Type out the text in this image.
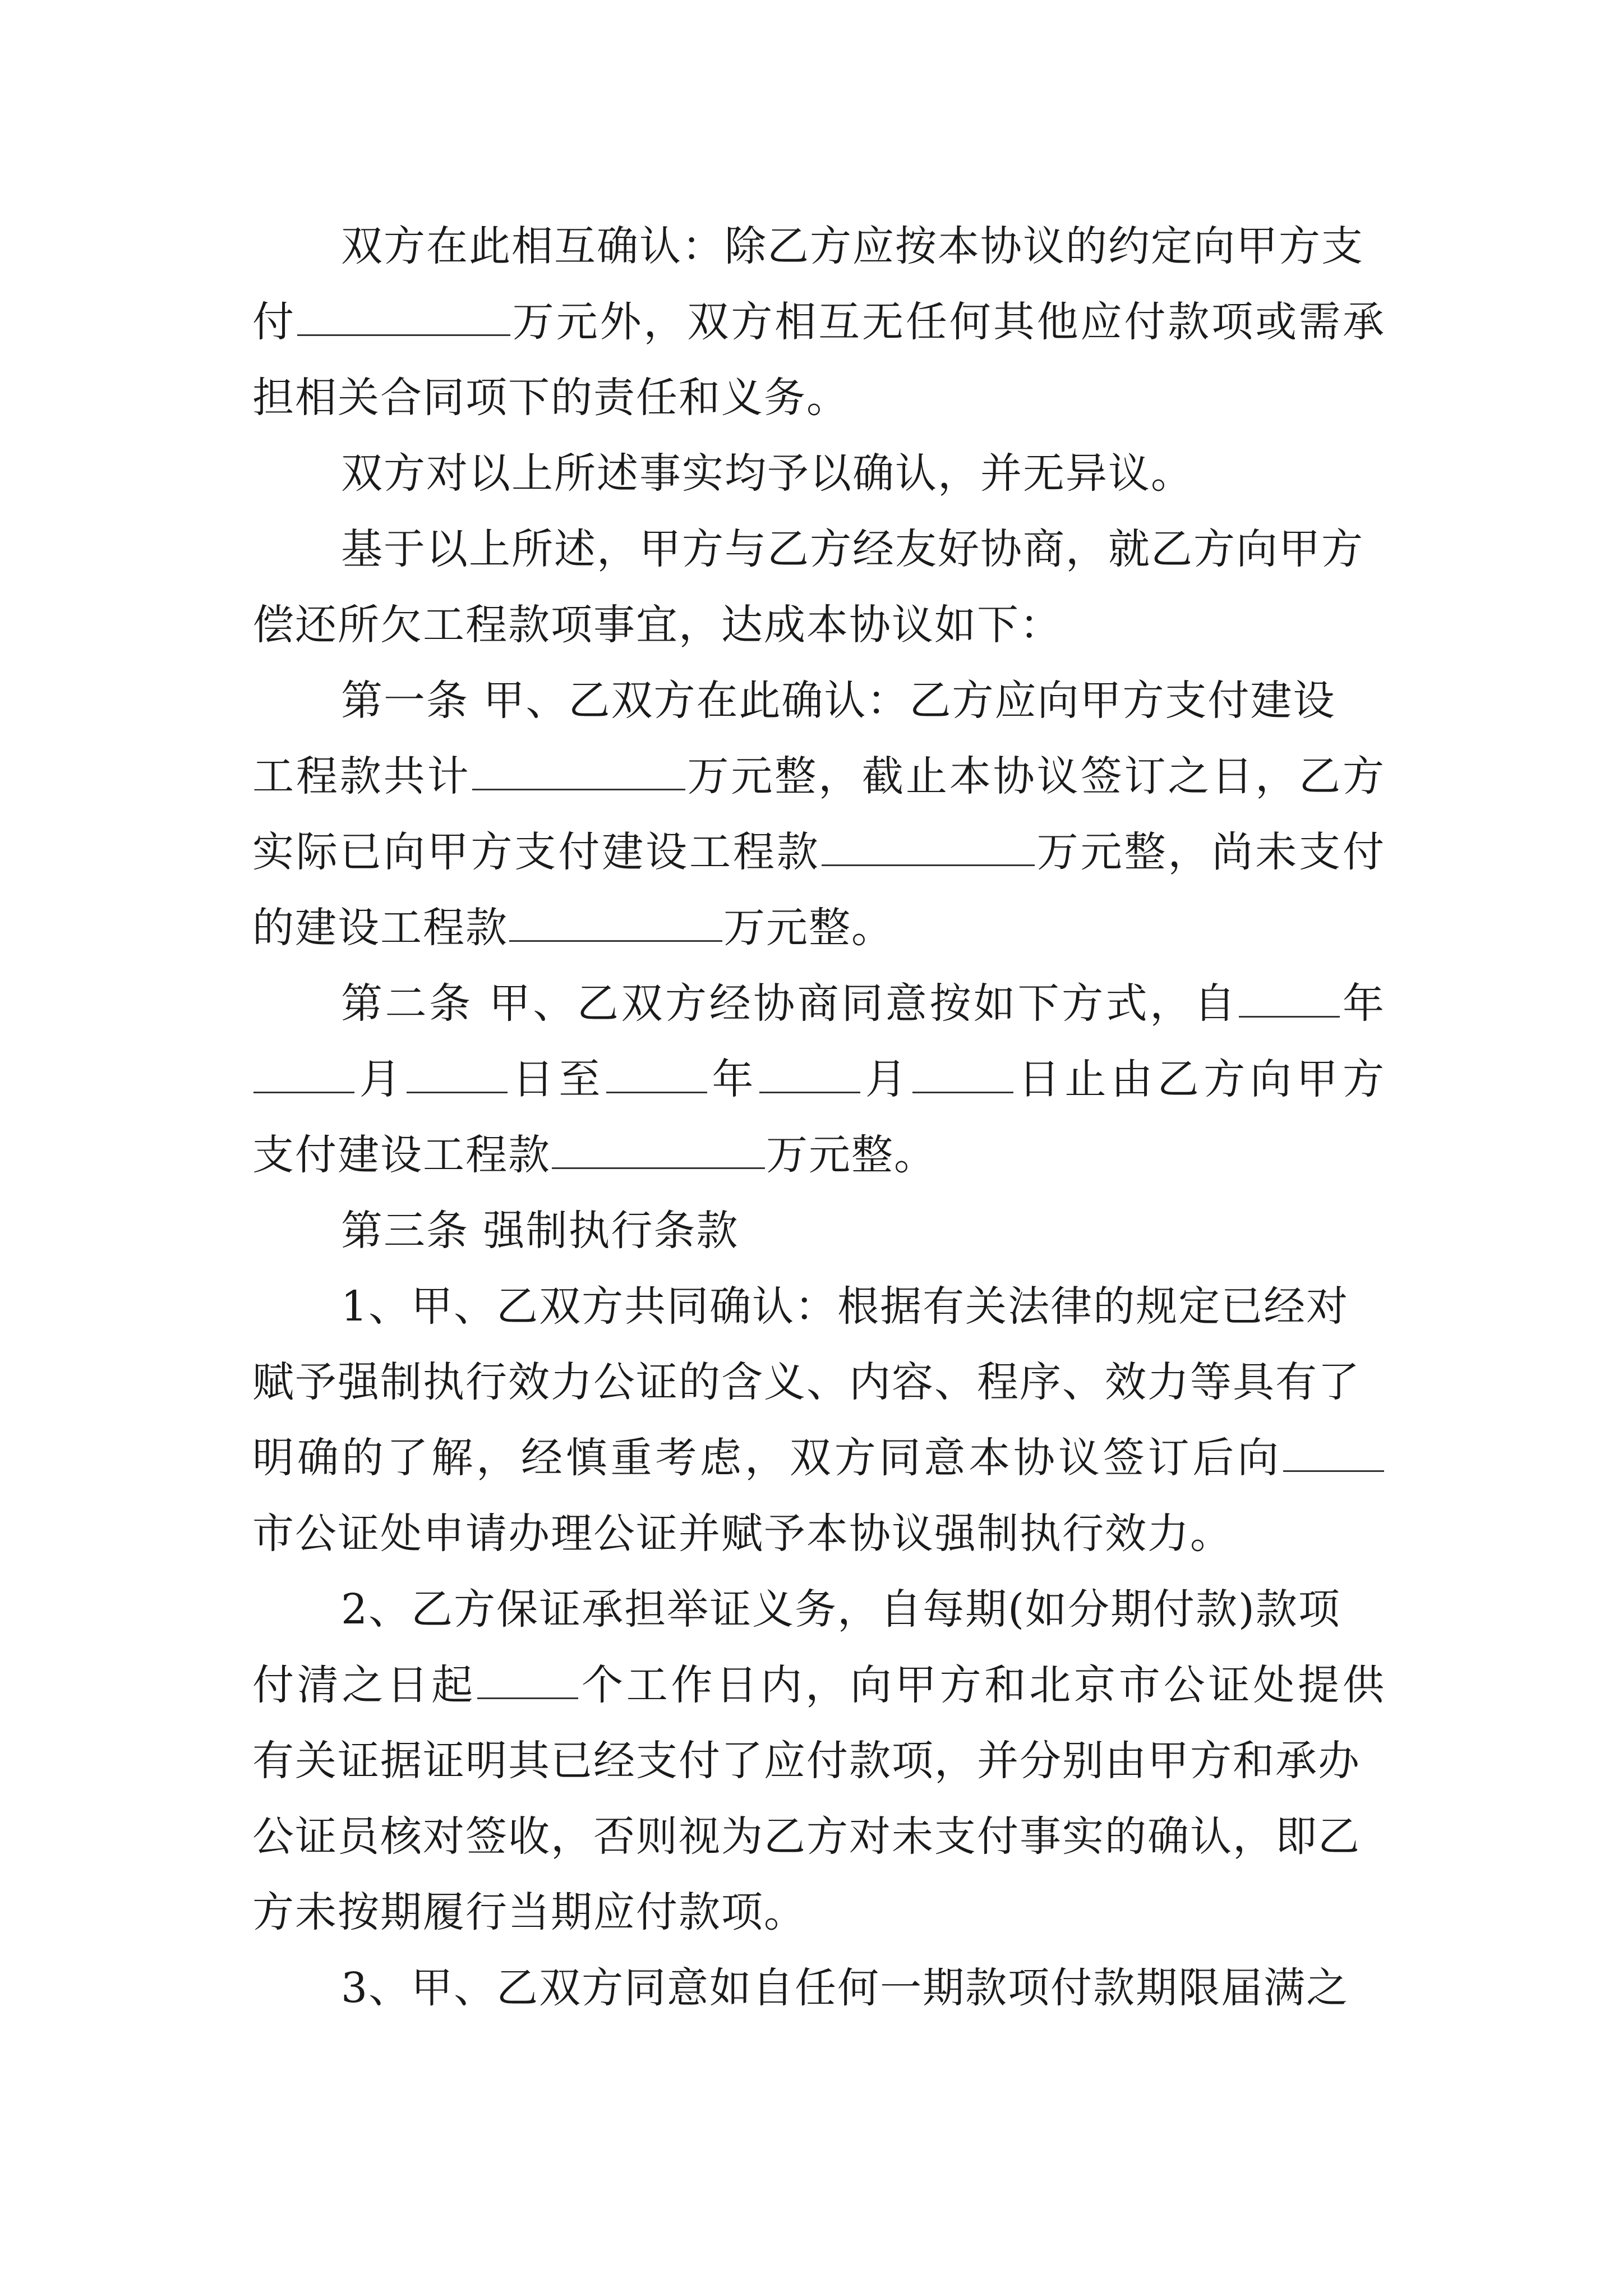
双方在此相互确认：除乙方应按本协议的约定向甲方支
付	万元外，双方相互无任何其他应付款项或需承
担相关合同项下的责任和义务。
双方对以上所述事实均予以确认，并无异议。
基于以上所述，甲方与乙方经友好协商，就乙方向甲方
偿还所欠工程款项事宜，达成本协议如下：
第一条 甲、乙双方在此确认：乙方应向甲方支付建设
工程款共计	万元整，截止本协议签订之日，乙方
实际已向甲方支付建设工程款	万元整，尚未支付
的建设工程款	万元整。
第二条 甲、乙双方经协商同意按如下方式，自 年
月 日至 年 月 日止由乙方向甲方
支付建设工程款	万元整。
第三条 强制执行条款
1、甲、乙双方共同确认：根据有关法律的规定已经对
赋予强制执行效力公证的含义、内容、程序、效力等具有了
明确的了解，经慎重考虑，双方同意本协议签订后向
市公证处申请办理公证并赋予本协议强制执行效力。
2、乙方保证承担举证义务，自每期(如分期付款)款项
付清之日起 个工作日内，向甲方和北京市公证处提供
有关证据证明其已经支付了应付款项，并分别由甲方和承办
公证员核对签收，否则视为乙方对未支付事实的确认，即乙
方未按期履行当期应付款项。
3、甲、乙双方同意如自任何一期款项付款期限届满之
